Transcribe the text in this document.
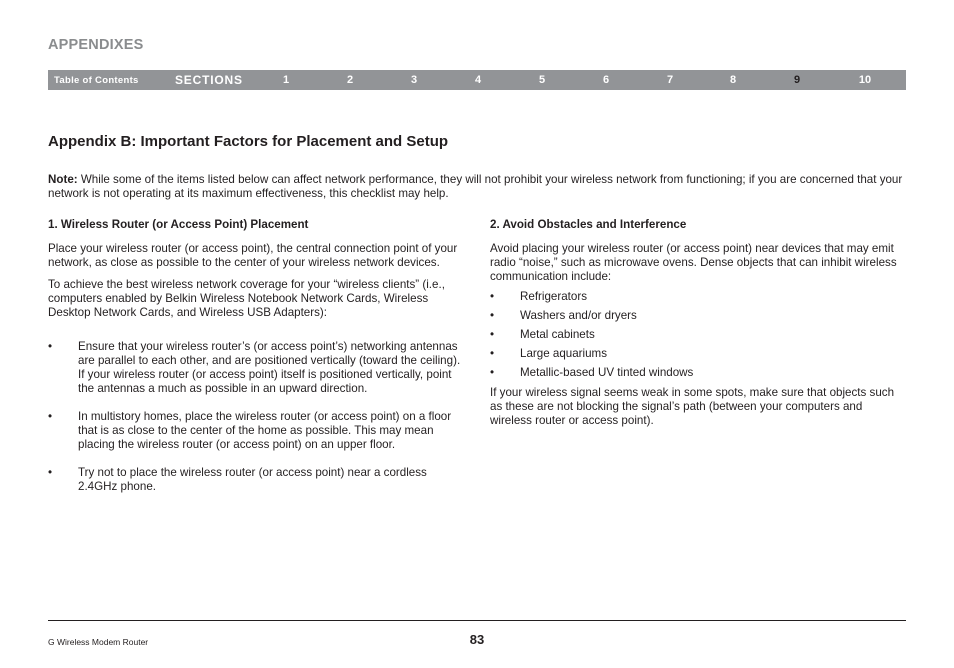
APPENDIXES
Table of Contents	SECTIONS	1	2	3	4	5	6	7	8	9	10
Appendix B: Important Factors for Placement and Setup

Note: While some of the items listed below can affect network performance, they will not prohibit your wireless network from functioning; if you are concerned that your network is not operating at its maximum effectiveness, this checklist may help.

1. Wireless Router (or Access Point) Placement

Place your wireless router (or access point), the central connection point of your network, as close as possible to the center of your wireless network devices.

To achieve the best wireless network coverage for your “wireless clients” (i.e., computers enabled by Belkin Wireless Notebook Network Cards, Wireless Desktop Network Cards, and Wireless USB Adapters):

• Ensure that your wireless router’s (or access point’s) networking antennas are parallel to each other, and are positioned vertically (toward the ceiling). If your wireless router (or access point) itself is positioned vertically, point the antennas a much as possible in an upward direction.
• In multistory homes, place the wireless router (or access point) on a floor that is as close to the center of the home as possible. This may mean placing the wireless router (or access point) on an upper floor.
• Try not to place the wireless router (or access point) near a cordless 2.4GHz phone.
2. Avoid Obstacles and Interference

Avoid placing your wireless router (or access point) near devices that may emit radio “noise,” such as microwave ovens. Dense objects that can inhibit wireless communication include:

• Refrigerators
• Washers and/or dryers
• Metal cabinets
• Large aquariums
• Metallic-based UV tinted windows

If your wireless signal seems weak in some spots, make sure that objects such as these are not blocking the signal’s path (between your computers and wireless router or access point).

G Wireless Modem Router	83
